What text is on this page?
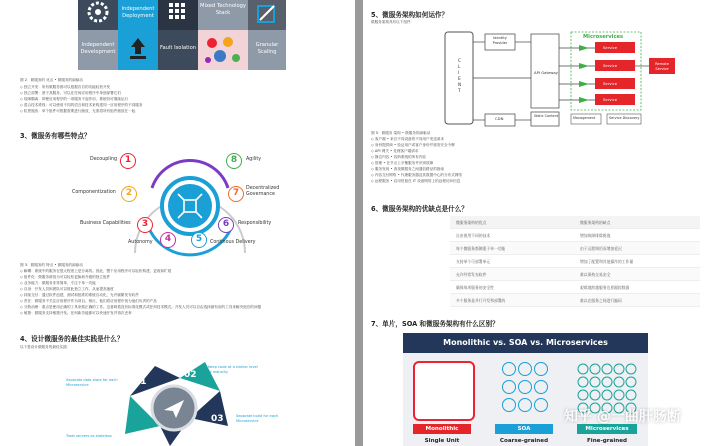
Independent Deployment
Mixed Technology Stack
Independent Development
Fault Isolation	Granular Scaling

图 2：微服务的 优点 • 微服务的副驱动

◇ 独立开发：所有微服务都可以根据各自的功能轻松开发

◇ 独立部署：基于其服务，可以在任何应用程序中单独部署它们

◇ 故障隔离：即使应用程序的一项服务不起作用，系统仍可继续运行

◇ 混合技术堆栈：可以使用不同的语言和技术来构建同一应用程序的不同服务

◇ 粒度缩放：单个组件可根据需要进行缩放，无需将所有组件缩放在一起

3、微服务有哪些特点？

1
2
3
4	5
6
7
8

Decoupling

Componentization

Business Capabilities

Autonomy	Continous Delivery

Responsibility

Decentralized Governance

Agility

图 3：微服务的 特点 • 微服务的副驱动

◇ 解耦：系统中的服务在很大程度上是分离的。因此，整个应用程序可以轻松构建，更改和扩展

◇ 组件化：微服务被视为可以轻松更换和升级的独立组件

◇ 业务能力：微服务非常简单，专注于单一功能

◇ 自治：开发人员和团队可以彼此独立工作，从而提高速度

◇ 持续交付：通过软件创建，测试和批准的系统自动化，允许频繁发布软件

◇ 责任：微服务不关注应用程序作为项目。相反，他们将应用程序视为他们负责的产品

◇ 分散治理：重点是使用正确的工具来做正确的工作。这意味着没有标准化模式或任何技术模式。开发人员可以自由选择最有用的工具来解决他们的问题

◇ 敏捷：微服务支持敏捷开发。任何新功能都可以快速开发并再次丢弃

4、设计微服务的最佳实践是什么？

以下是设计微服务的最佳实践：

01

02

03

05

Separate data store for each Microservice

Keep code at a similar level of maturity

Separate build for each Microservice

Treat servers as stateless

5、微服务架构如何运作？

微服务架构具有以下组件：

C L I E N T

Identity Provider

API Gateway

CDN	Static Content

Microservices

Service

Service

Service

Service

Remote Service

Management	Service Discovery

图 5：微服务 架构 • 微服务的副驱动

◇ 客户端 • 来自不同设备的不同用户发送请求

◇ 身份提供商 • 验证用户或客户身份并颁发安全令牌

◇ API 网关 • 处理客户端请求

◇ 静态内容 • 容纳系统的所有内容

◇ 管理 • 在节点上平衡服务并识别故障

◇ 服务发现 • 查找微服务之间通信路径的指南

◇ 内容交付网络 • 代理服务器及其数据中心的分布式网络

◇ 远程服务 • 启用驻留在 IT 设备网络上的远程访问信息

6、微服务架构的优缺点是什么？

微服务架构的优点	微服务架构的缺点
自由使用不同的技术	增加故障排除挑战
每个微服务都侧重于单一功能	由于远程调用而增加延迟
支持单个可部署单元	增加了配置和其他操作的工作量
允许经常发布软件	难以保持交易安全
确保每项服务的安全性	艰难地跨越服务边界跟踪数据
多个服务是并行开发和部署的	难以在服务之间进行编码

7、单片，SOA 和微服务架构有什么区别？

Monolithic vs. SOA vs. Microservices

Monolithic	SOA	Microservices
Single Unit	Coarse-grained	Fine-grained
知乎 @一曲肝肠断
